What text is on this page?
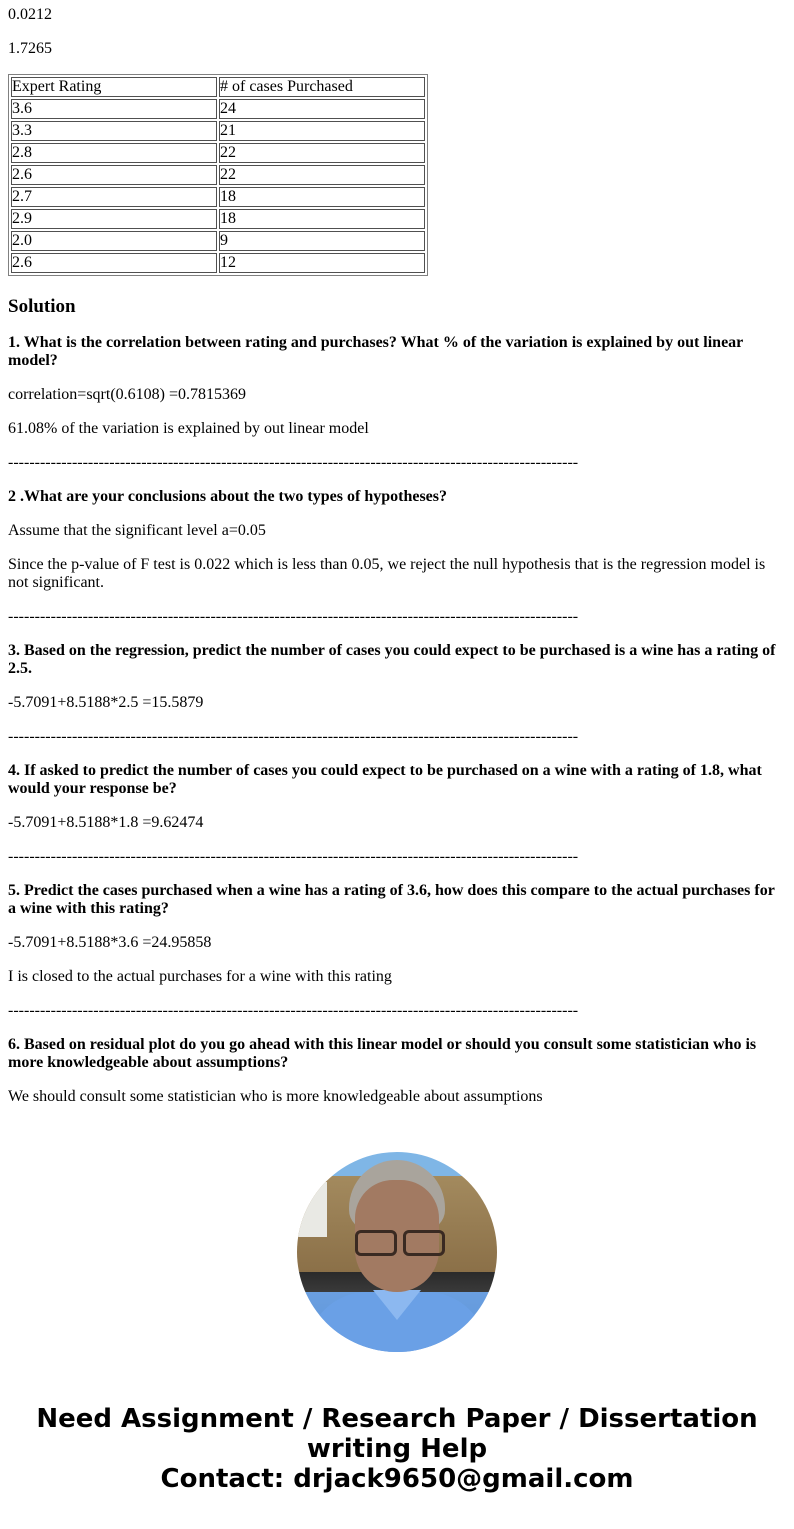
0.0212

1.7265

Expert Rating	# of cases Purchased
3.6	24
3.3	21
2.8	22
2.6	22
2.7	18
2.9	18
2.0	9
2.6	12
Solution

1. What is the correlation between rating and purchases? What % of the variation is explained by out linear model?

correlation=sqrt(0.6108) =0.7815369

61.08% of the variation is explained by out linear model

-----------------------------------------------------------------------------------------------------------

2 .What are your conclusions about the two types of hypotheses?

Assume that the significant level a=0.05

Since the p-value of F test is 0.022 which is less than 0.05, we reject the null hypothesis that is the regression model is not significant.

-----------------------------------------------------------------------------------------------------------

3. Based on the regression, predict the number of cases you could expect to be purchased is a wine has a rating of 2.5.

-5.7091+8.5188*2.5 =15.5879

-----------------------------------------------------------------------------------------------------------

4. If asked to predict the number of cases you could expect to be purchased on a wine with a rating of 1.8, what would your response be?

-5.7091+8.5188*1.8 =9.62474

-----------------------------------------------------------------------------------------------------------

5. Predict the cases purchased when a wine has a rating of 3.6, how does this compare to the actual purchases for a wine with this rating?

-5.7091+8.5188*3.6 =24.95858

I is closed to the actual purchases for a wine with this rating

-----------------------------------------------------------------------------------------------------------

6. Based on residual plot do you go ahead with this linear model or should you consult some statistician who is more knowledgeable about assumptions?

We should consult some statistician who is more knowledgeable about assumptions

Need Assignment / Research Paper / Dissertation writing Help
Contact: drjack9650@gmail.com
